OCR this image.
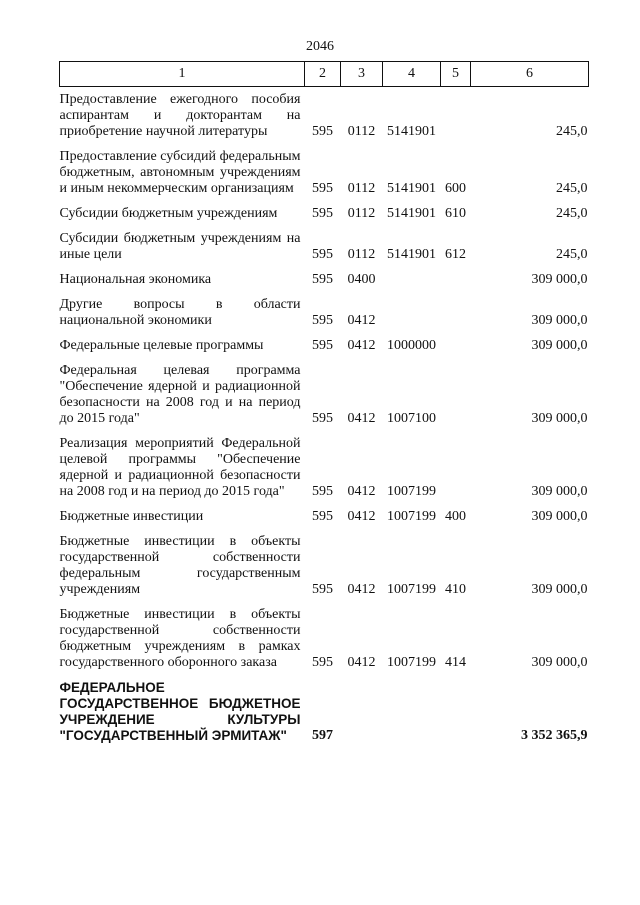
2046
1	2	3	4	5	6
Предоставление ежегодного пособия аспирантам и докторантам на приобретение научной литературы	595	0112	5141901		245,0
Предоставление субсидий федеральным бюджетным, автономным учреждениям и иным некоммерческим организациям	595	0112	5141901	600	245,0
Субсидии бюджетным учреждениям	595	0112	5141901	610	245,0
Субсидии бюджетным учреждениям на иные цели	595	0112	5141901	612	245,0
Национальная экономика	595	0400			309 000,0
Другие вопросы в области национальной экономики	595	0412			309 000,0
Федеральные целевые программы	595	0412	1000000		309 000,0
Федеральная целевая программа "Обеспечение ядерной и радиационной безопасности на 2008 год и на период до 2015 года"	595	0412	1007100		309 000,0
Реализация мероприятий Федеральной целевой программы "Обеспечение ядерной и радиационной безопасности на 2008 год и на период до 2015 года"	595	0412	1007199		309 000,0
Бюджетные инвестиции	595	0412	1007199	400	309 000,0
Бюджетные инвестиции в объекты государственной собственности федеральным государственным учреждениям	595	0412	1007199	410	309 000,0
Бюджетные инвестиции в объекты государственной собственности бюджетным учреждениям в рамках государственного оборонного заказа	595	0412	1007199	414	309 000,0
ФЕДЕРАЛЬНОЕ ГОСУДАРСТВЕННОЕ БЮДЖЕТНОЕ УЧРЕЖДЕНИЕ КУЛЬТУРЫ "ГОСУДАРСТВЕННЫЙ ЭРМИТАЖ"	597				3 352 365,9
